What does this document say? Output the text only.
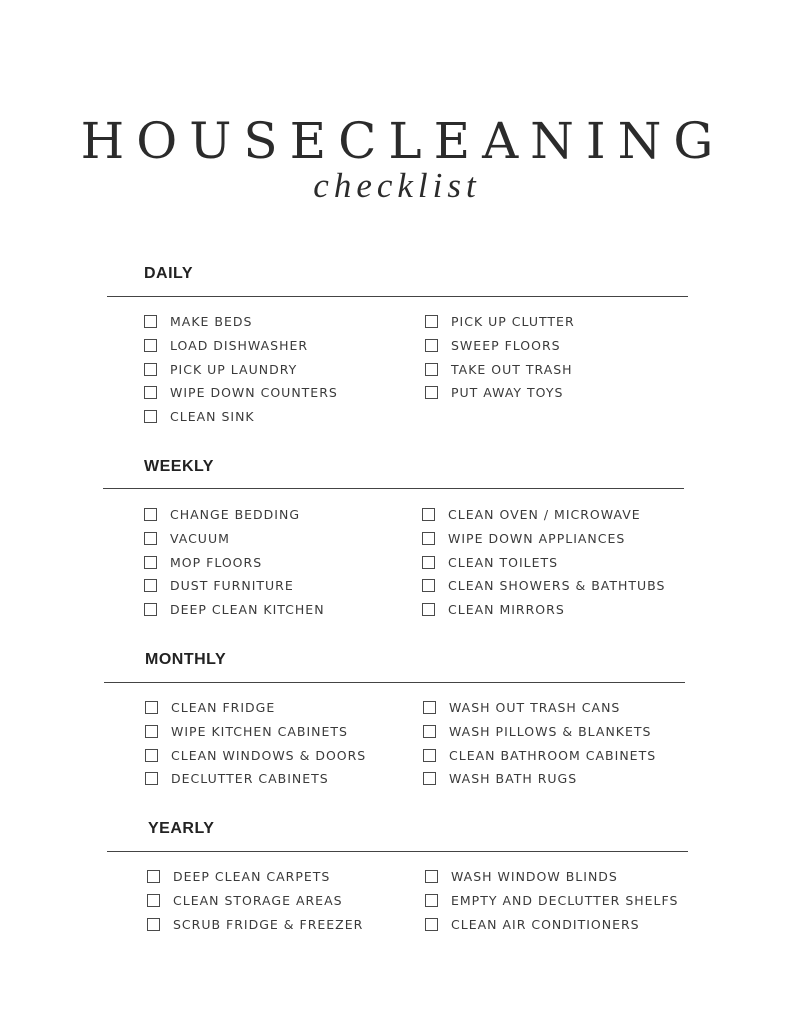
HOUSECLEANING
checklist
DAILY
MAKE BEDS
LOAD DISHWASHER
PICK UP LAUNDRY
WIPE DOWN COUNTERS
CLEAN SINK
PICK UP CLUTTER
SWEEP FLOORS
TAKE OUT TRASH
PUT AWAY TOYS
WEEKLY
CHANGE BEDDING
VACUUM
MOP FLOORS
DUST FURNITURE
DEEP CLEAN KITCHEN
CLEAN OVEN / MICROWAVE
WIPE DOWN APPLIANCES
CLEAN TOILETS
CLEAN SHOWERS & BATHTUBS
CLEAN MIRRORS
MONTHLY
CLEAN FRIDGE
WIPE KITCHEN CABINETS
CLEAN WINDOWS & DOORS
DECLUTTER CABINETS
WASH OUT TRASH CANS
WASH PILLOWS & BLANKETS
CLEAN BATHROOM CABINETS
WASH BATH RUGS
YEARLY
DEEP CLEAN CARPETS
CLEAN STORAGE AREAS
SCRUB FRIDGE & FREEZER
WASH WINDOW BLINDS
EMPTY AND DECLUTTER SHELFS
CLEAN AIR CONDITIONERS
